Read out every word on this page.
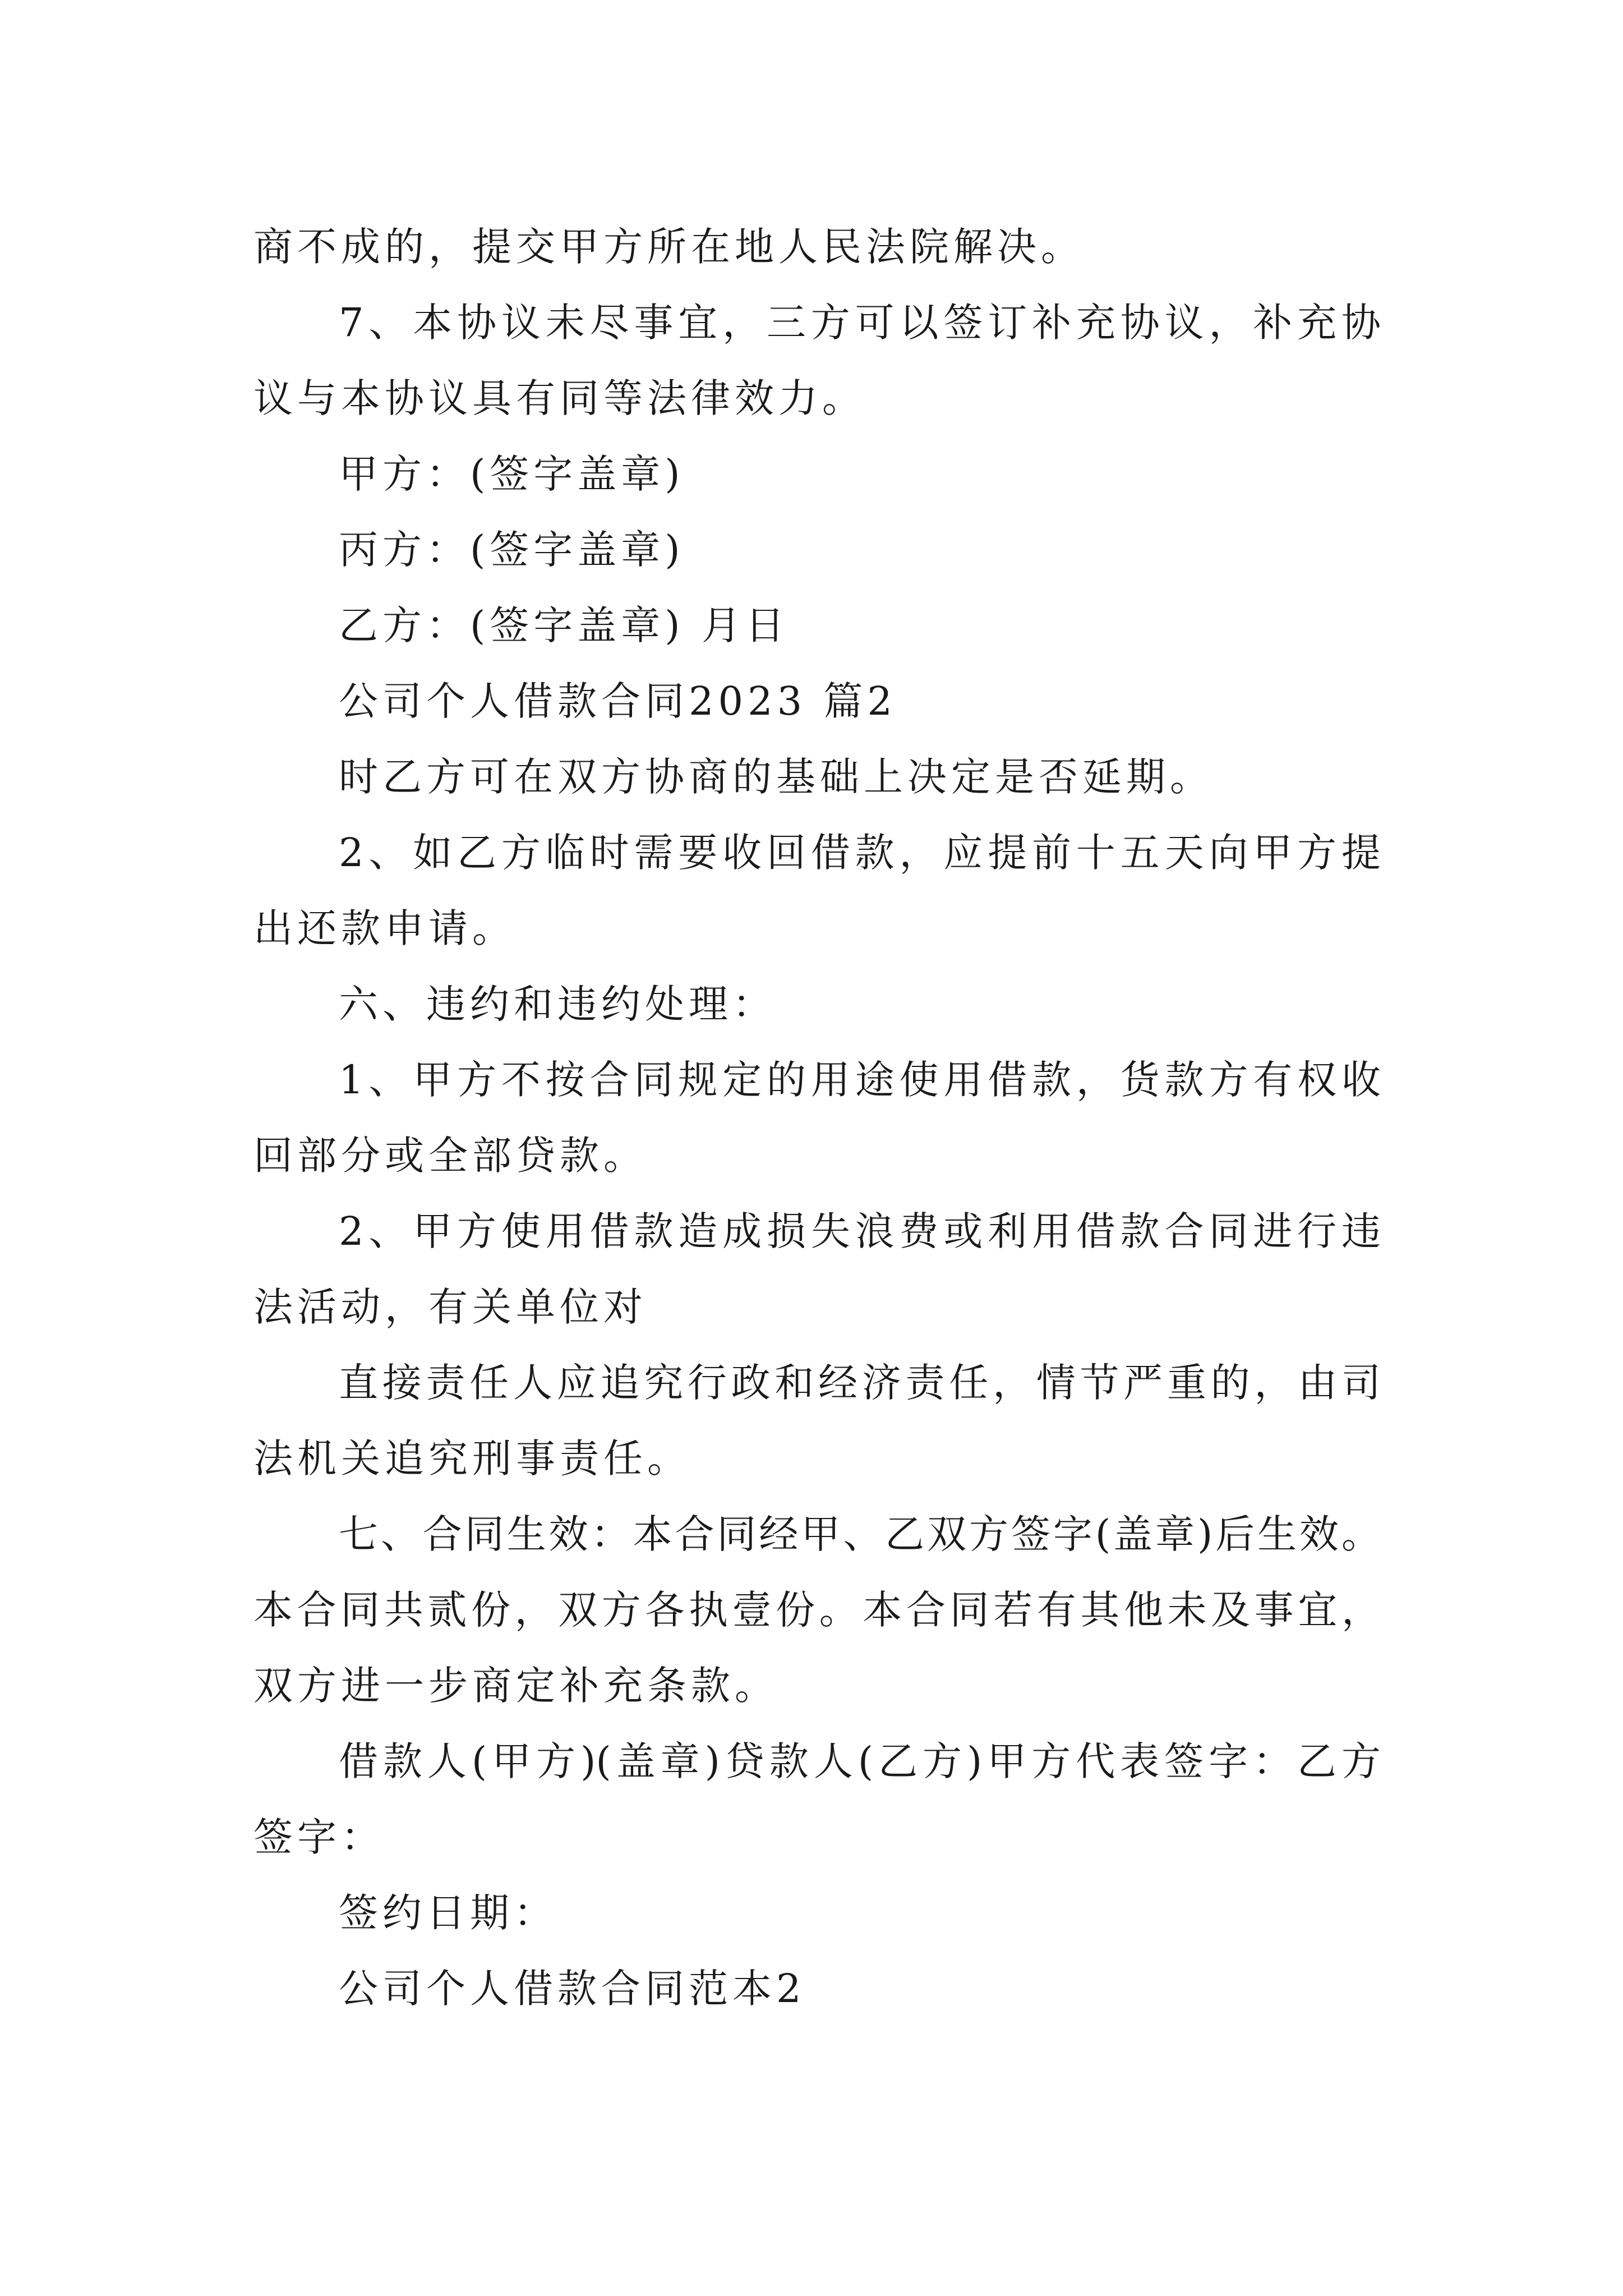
商不成的，提交甲方所在地人民法院解决。

7、本协议未尽事宜，三方可以签订补充协议，补充协

议与本协议具有同等法律效力。

甲方：(签字盖章)

丙方：(签字盖章)

乙方：(签字盖章) 月日

公司个人借款合同2023 篇2

时乙方可在双方协商的基础上决定是否延期。

2、如乙方临时需要收回借款，应提前十五天向甲方提

出还款申请。

六、违约和违约处理：

1、甲方不按合同规定的用途使用借款，货款方有权收

回部分或全部贷款。

2、甲方使用借款造成损失浪费或利用借款合同进行违

法活动，有关单位对

直接责任人应追究行政和经济责任，情节严重的，由司

法机关追究刑事责任。

七、合同生效：本合同经甲、乙双方签字(盖章)后生效。

本合同共贰份，双方各执壹份。本合同若有其他未及事宜，

双方进一步商定补充条款。

借款人(甲方)(盖章)贷款人(乙方)甲方代表签字：乙方

签字：

签约日期：

公司个人借款合同范本2
